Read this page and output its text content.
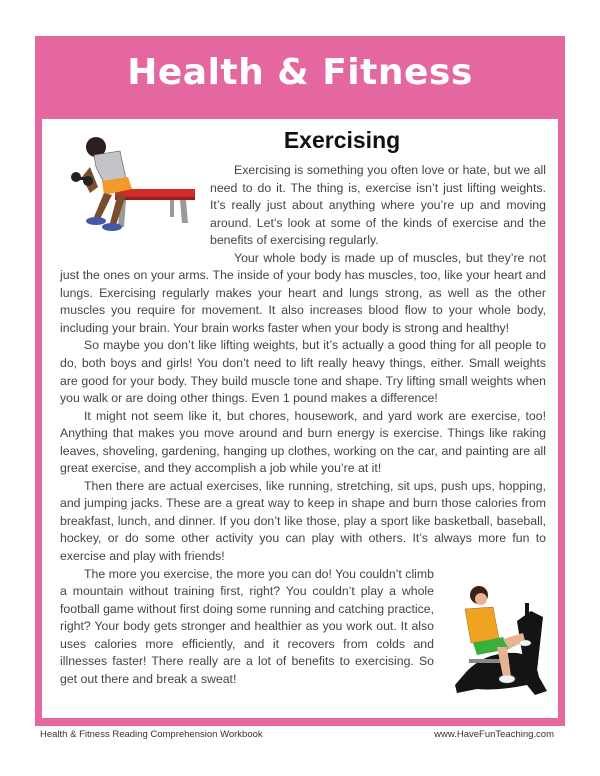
Health & Fitness
Exercising

Exercising is something you often love or hate, but we all need to do it. The thing is, exercise isn’t just lifting weights. It’s really just about anything where you’re up and moving around. Let’s look at some of the kinds of exercise and the benefits of exercising regularly.

Your whole body is made up of muscles, but they’re not just the ones on your arms. The inside of your body has muscles, too, like your heart and lungs. Exercising regularly makes your heart and lungs strong, as well as the other muscles you require for movement. It also increases blood flow to your whole body, including your brain. Your brain works faster when your body is strong and healthy!

So maybe you don’t like lifting weights, but it’s actually a good thing for all people to do, both boys and girls! You don’t need to lift really heavy things, either. Small weights are good for your body. They build muscle tone and shape. Try lifting small weights when you walk or are doing other things. Even 1 pound makes a difference!

It might not seem like it, but chores, housework, and yard work are exercise, too! Anything that makes you move around and burn energy is exercise. Things like raking leaves, shoveling, gardening, hanging up clothes, working on the car, and painting are all great exercise, and they accomplish a job while you’re at it!

Then there are actual exercises, like running, stretching, sit ups, push ups, hopping, and jumping jacks. These are a great way to keep in shape and burn those calories from breakfast, lunch, and dinner. If you don’t like those, play a sport like basketball, baseball, hockey, or do some other activity you can play with others. It’s always more fun to exercise and play with friends!

The more you exercise, the more you can do! You couldn’t climb a mountain without training first, right? You couldn’t play a whole football game without first doing some running and catching practice, right? Your body gets stronger and healthier as you work out. It also uses calories more efficiently, and it recovers from colds and illnesses faster! There really are a lot of benefits to exercising. So get out there and break a sweat!

Health & Fitness Reading Comprehension Workbook	www.HaveFunTeaching.com
